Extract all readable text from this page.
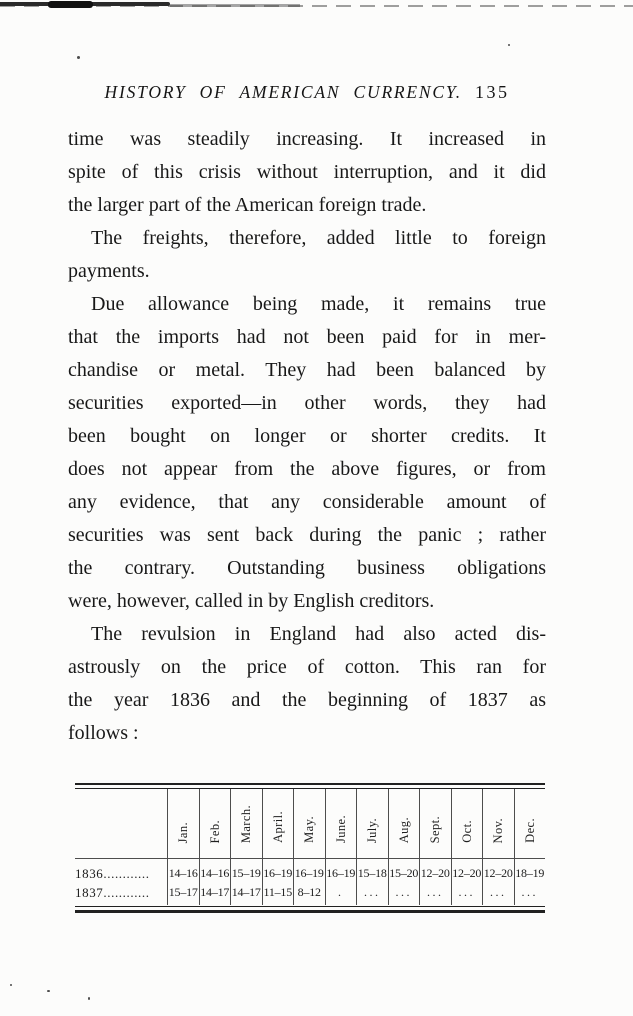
HISTORY OF AMERICAN CURRENCY. 135
time was steadily increasing. It increased in
spite of this crisis without interruption, and it did
the larger part of the American foreign trade.
The freights, therefore, added little to foreign
payments.
Due allowance being made, it remains true
that the imports had not been paid for in mer-
chandise or metal. They had been balanced by
securities exported—in other words, they had
been bought on longer or shorter credits. It
does not appear from the above figures, or from
any evidence, that any considerable amount of
securities was sent back during the panic ; rather
the contrary. Outstanding business obligations
were, however, called in by English creditors.
The revulsion in England had also acted dis-
astrously on the price of cotton. This ran for
the year 1836 and the beginning of 1837 as
follows :
1836............
1837............
Jan.
14–16
15–17
Feb.
14–16
14–17
March.
15–19
14–17
April.
16–19
11–15
May.
16–19
8–12
June.
16–19
.
July.
15–18
...
Aug.
15–20
...
Sept.
12–20
...
Oct.
12–20
...
Nov.
12–20
...
Dec.
18–19
...
